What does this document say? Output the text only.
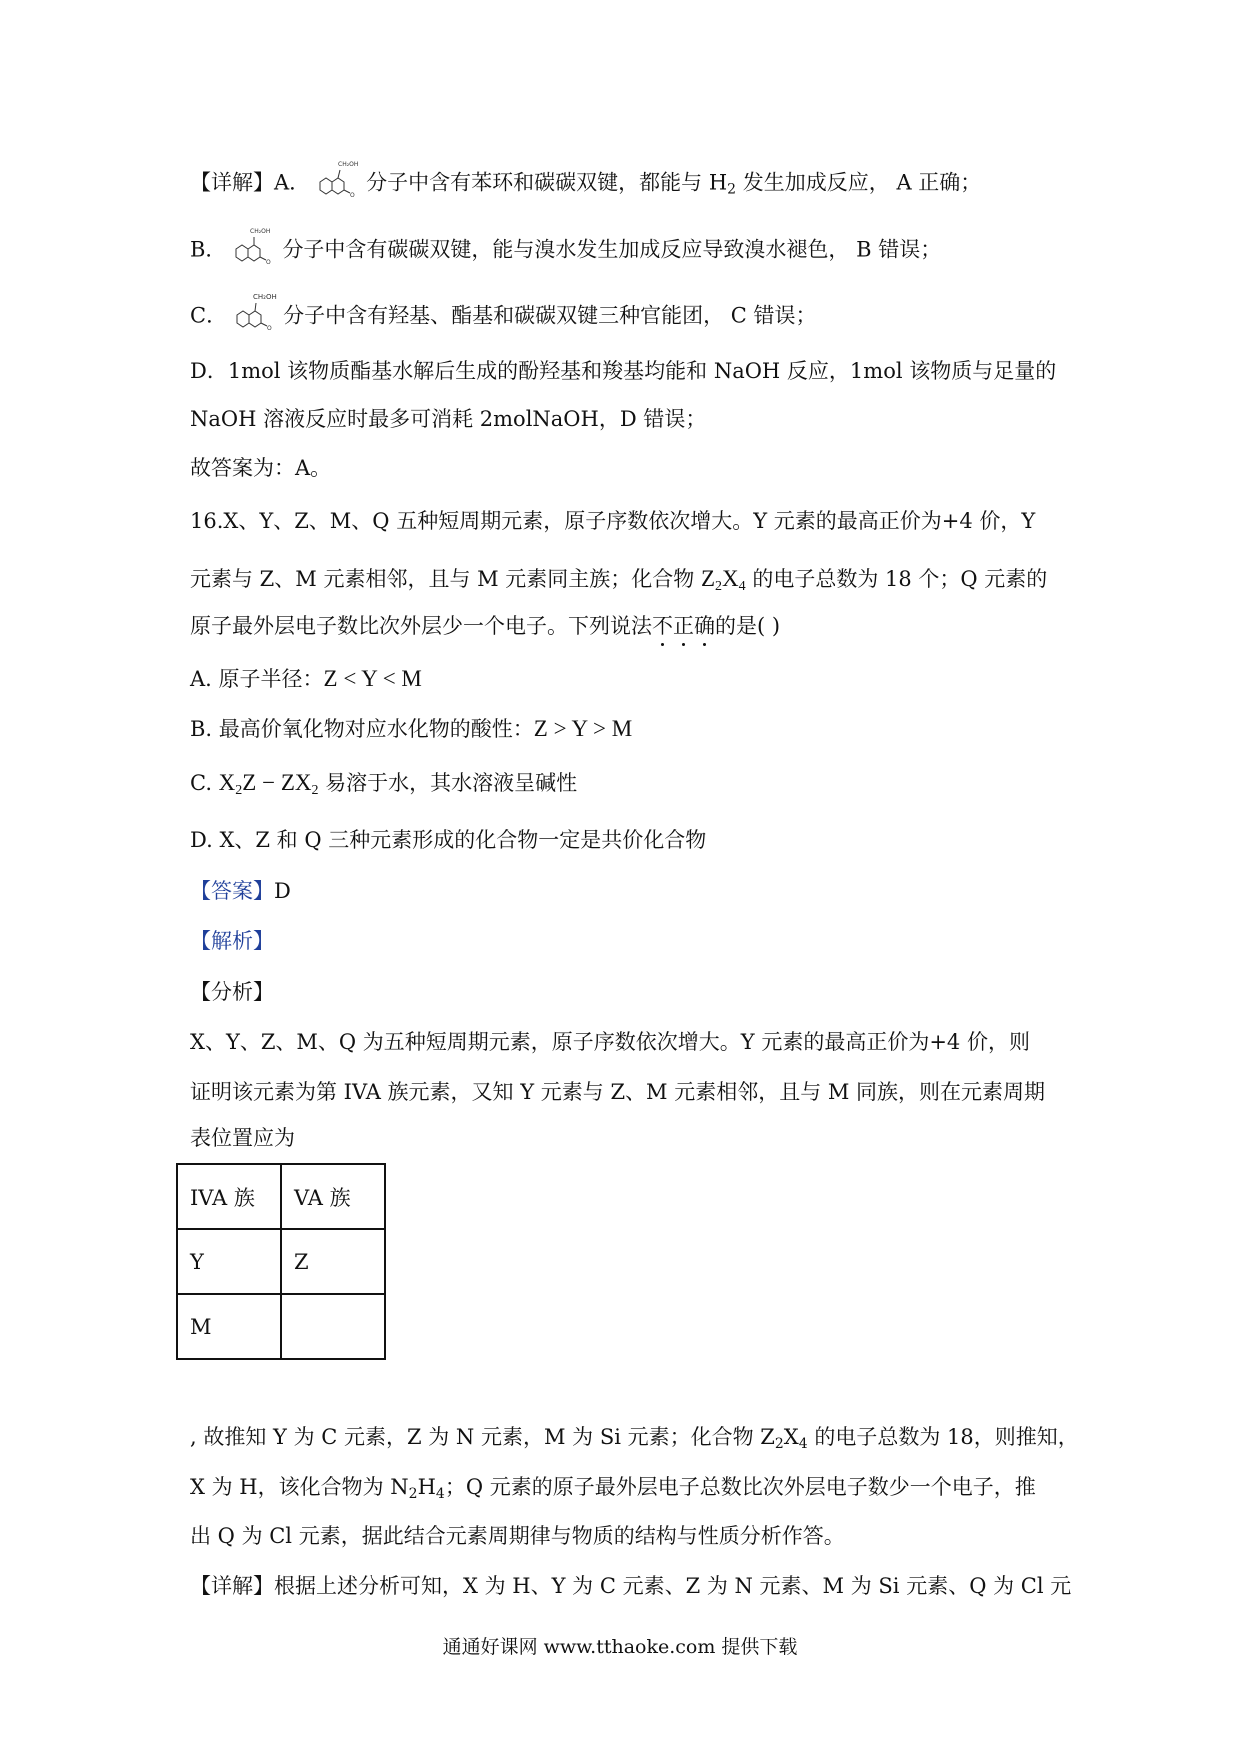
【详解】A．
CH₂OH
O
分子中含有苯环和碳碳双键，都能与 $H_2$ 发生加成反应， A 正确；
B．
CH₂OH
O
分子中含有碳碳双键，能与溴水发生加成反应导致溴水褪色， B 错误；
C．
CH₂OH
O
分子中含有羟基、酯基和碳碳双键三种官能团， C 错误；
D．1mol 该物质酯基水解后生成的酚羟基和羧基均能和 NaOH 反应，1mol 该物质与足量的
NaOH 溶液反应时最多可消耗 2molNaOH，D 错误；
故答案为：A。
16.X、Y、Z、M、Q 五种短周期元素，原子序数依次增大。Y 元素的最高正价为+4 价，Y
元素与 Z、M 元素相邻，且与 M 元素同主族；化合物 $Z_2X_4$ 的电子总数为 18 个；Q 元素的
原子最外层电子数比次外层少一个电子。下列说法不正确的是( )
A. 原子半径：Z < Y < M
B. 最高价氧化物对应水化物的酸性：Z > Y > M
C. $X_2Z - ZX_2$ 易溶于水，其水溶液呈碱性
D. X、Z 和 Q 三种元素形成的化合物一定是共价化合物
【答案】D
【解析】
【分析】
X、Y、Z、M、Q 为五种短周期元素，原子序数依次增大。Y 元素的最高正价为+4 价，则
证明该元素为第 IVA 族元素，又知 Y 元素与 Z、M 元素相邻，且与 M 同族，则在元素周期
表位置应为
IVA 族	VA 族
Y	Z
M	
, 故推知 Y 为 C 元素，Z 为 N 元素，M 为 Si 元素；化合物 $Z_2X_4$ 的电子总数为 18，则推知，
X 为 H，该化合物为 $N_2H_4$；Q 元素的原子最外层电子总数比次外层电子数少一个电子，推
出 Q 为 Cl 元素，据此结合元素周期律与物质的结构与性质分析作答。
【详解】根据上述分析可知，X 为 H、Y 为 C 元素、Z 为 N 元素、M 为 Si 元素、Q 为 Cl 元
通通好课网 www.tthaoke.com 提供下载
